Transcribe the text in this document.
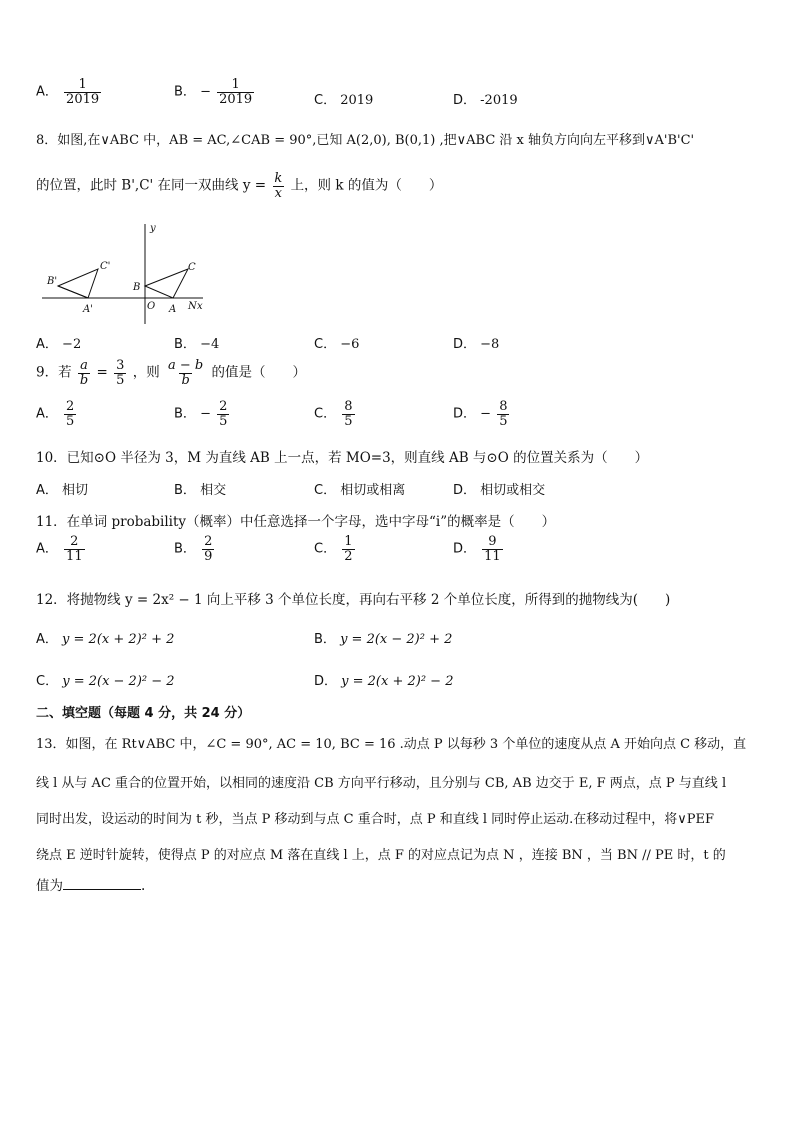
A． $\frac{1}{2019}$	B． − $\frac{1}{2019}$	C． 2019	D． -2019
8．如图,在∨ABC 中，AB = AC,∠CAB = 90°,已知 A(2,0), B(0,1) ,把∨ABC 沿 x 轴负方向向左平移到∨A'B'C'
的位置，此时 B',C' 在同一双曲线 $y = \frac{k}{x}$ 上，则 k 的值为（　　）
y
B'
C'
A'
B
C
O A N x
A． −2	B． −4	C． −6	D． −8
9．若 $\frac{a}{b} = \frac{3}{5}$ ，则 $\frac{a - b}{b}$ 的值是（　　）
A． $\frac{2}{5}$	B． − $\frac{2}{5}$	C． $\frac{8}{5}$	D． − $\frac{8}{5}$
10．已知⊙O 半径为 3，M 为直线 AB 上一点，若 MO=3，则直线 AB 与⊙O 的位置关系为（　　）
A． 相切	B． 相交	C． 相切或相离	D． 相切或相交
11．在单词 probability（概率）中任意选择一个字母，选中字母“i”的概率是（　　）
A． $\frac{2}{11}$	B． $\frac{2}{9}$	C． $\frac{1}{2}$	D． $\frac{9}{11}$
12．将抛物线 y = 2x² − 1 向上平移 3 个单位长度，再向右平移 2 个单位长度，所得到的抛物线为(　　)
A． y = 2(x + 2)² + 2	B． y = 2(x − 2)² + 2
C． y = 2(x − 2)² − 2	D． y = 2(x + 2)² − 2
二、填空题（每题 4 分，共 24 分）
13．如图，在 Rt∨ABC 中，∠C = 90°, AC = 10, BC = 16 .动点 P 以每秒 3 个单位的速度从点 A 开始向点 C 移动，直
线 l 从与 AC 重合的位置开始，以相同的速度沿 CB 方向平行移动，且分别与 CB, AB 边交于 E, F 两点，点 P 与直线 l
同时出发，设运动的时间为 t 秒，当点 P 移动到与点 C 重合时，点 P 和直线 l 同时停止运动.在移动过程中，将∨PEF
绕点 E 逆时针旋转，使得点 P 的对应点 M 落在直线 l 上，点 F 的对应点记为点 N ，连接 BN ，当 BN // PE 时，t 的
值为	.
